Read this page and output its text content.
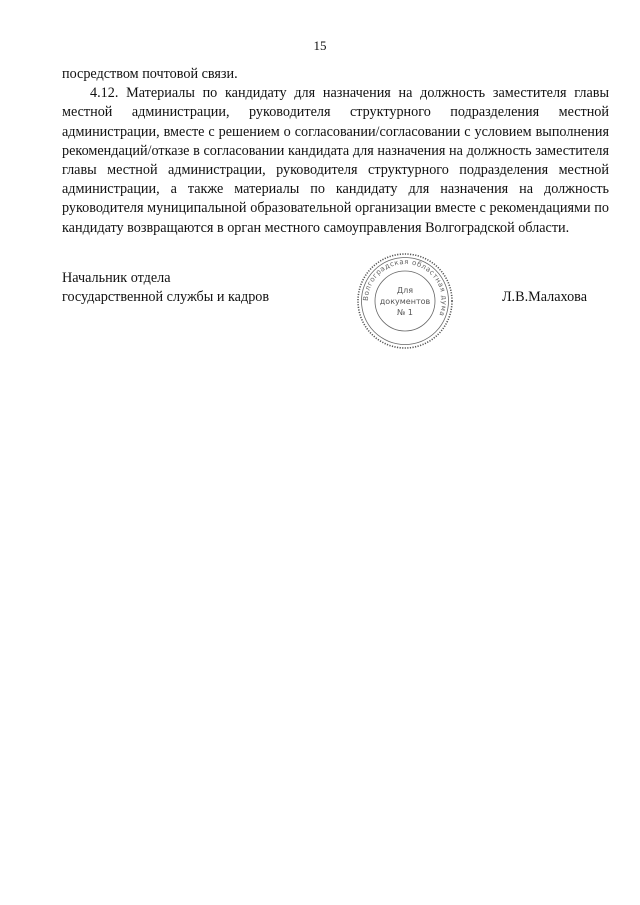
15

посредством почтовой связи.

4.12. Материалы по кандидату для назначения на должность заместителя главы местной администрации, руководителя структурного подразделения местной администрации, вместе с решением о согласовании/согласовании с условием выполнения рекомендаций/отказе в согласовании кандидата для назначения на должность заместителя главы местной администрации, руководителя структурного подразделения местной администрации, а также материалы по кандидату для назначения на должность руководителя муниципалыной образовательной организации вместе с рекомендациями по кандидату возвращаются в орган местного самоуправления Волгоградской области.

Начальник отдела
государственной службы и кадров	Л.В.Малахова
Волгоградская областная дума
Для
документов
№ 1
